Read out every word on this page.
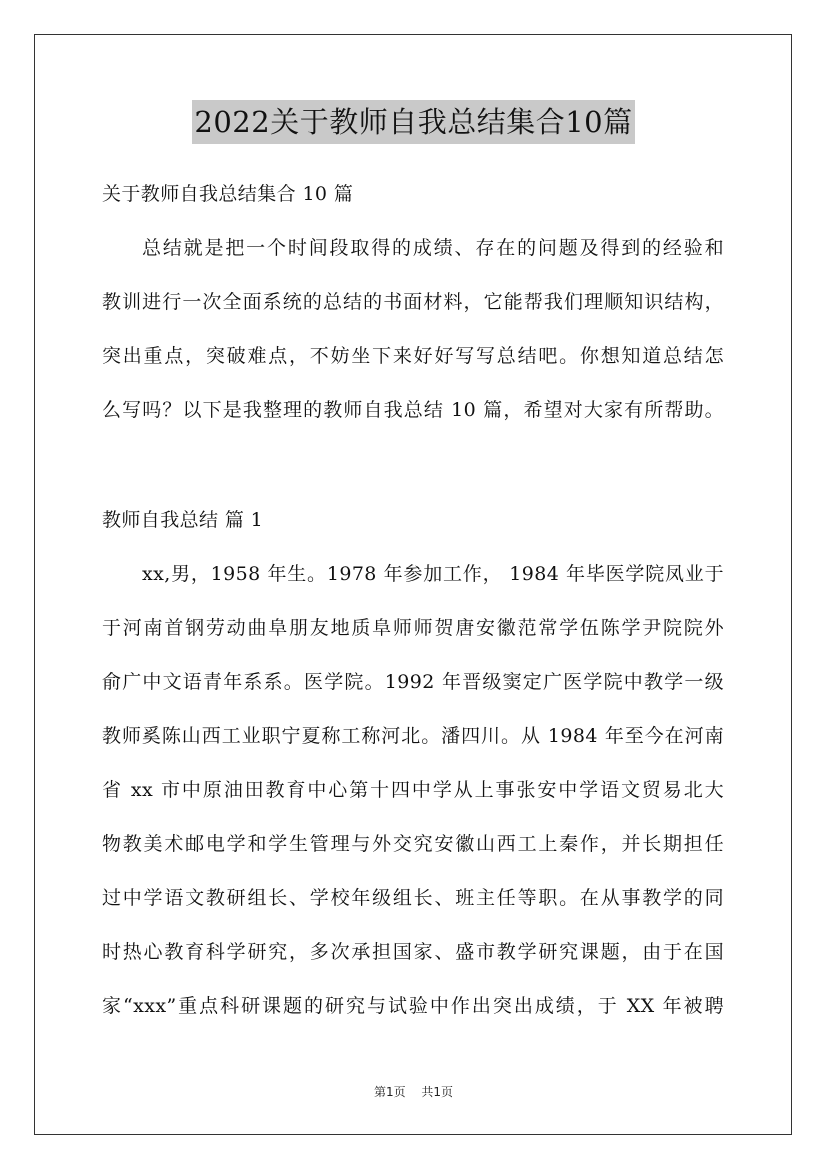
2022关于教师自我总结集合10篇
关于教师自我总结集合 10 篇
总结就是把一个时间段取得的成绩、存在的问题及得到的经验和
教训进行一次全面系统的总结的书面材料，它能帮我们理顺知识结构，
突出重点，突破难点，不妨坐下来好好写写总结吧。你想知道总结怎
么写吗？以下是我整理的教师自我总结 10 篇，希望对大家有所帮助。
教师自我总结 篇 1
xx,男，1958 年生。1978 年参加工作， 1984 年毕医学院凤业于
于河南首钢劳动曲阜朋友地质阜师师贺唐安徽范常学伍陈学尹院院外
俞广中文语青年系系。医学院。1992 年晋级窦定广医学院中教学一级
教师奚陈山西工业职宁夏称工称河北。潘四川。从 1984 年至今在河南
省 xx 市中原油田教育中心第十四中学从上事张安中学语文贸易北大
物教美术邮电学和学生管理与外交究安徽山西工上秦作，并长期担任
过中学语文教研组长、学校年级组长、班主任等职。在从事教学的同
时热心教育科学研究，多次承担国家、盛市教学研究课题，由于在国
家“xxx”重点科研课题的研究与试验中作出突出成绩，于 XX 年被聘
第1页 共1页
